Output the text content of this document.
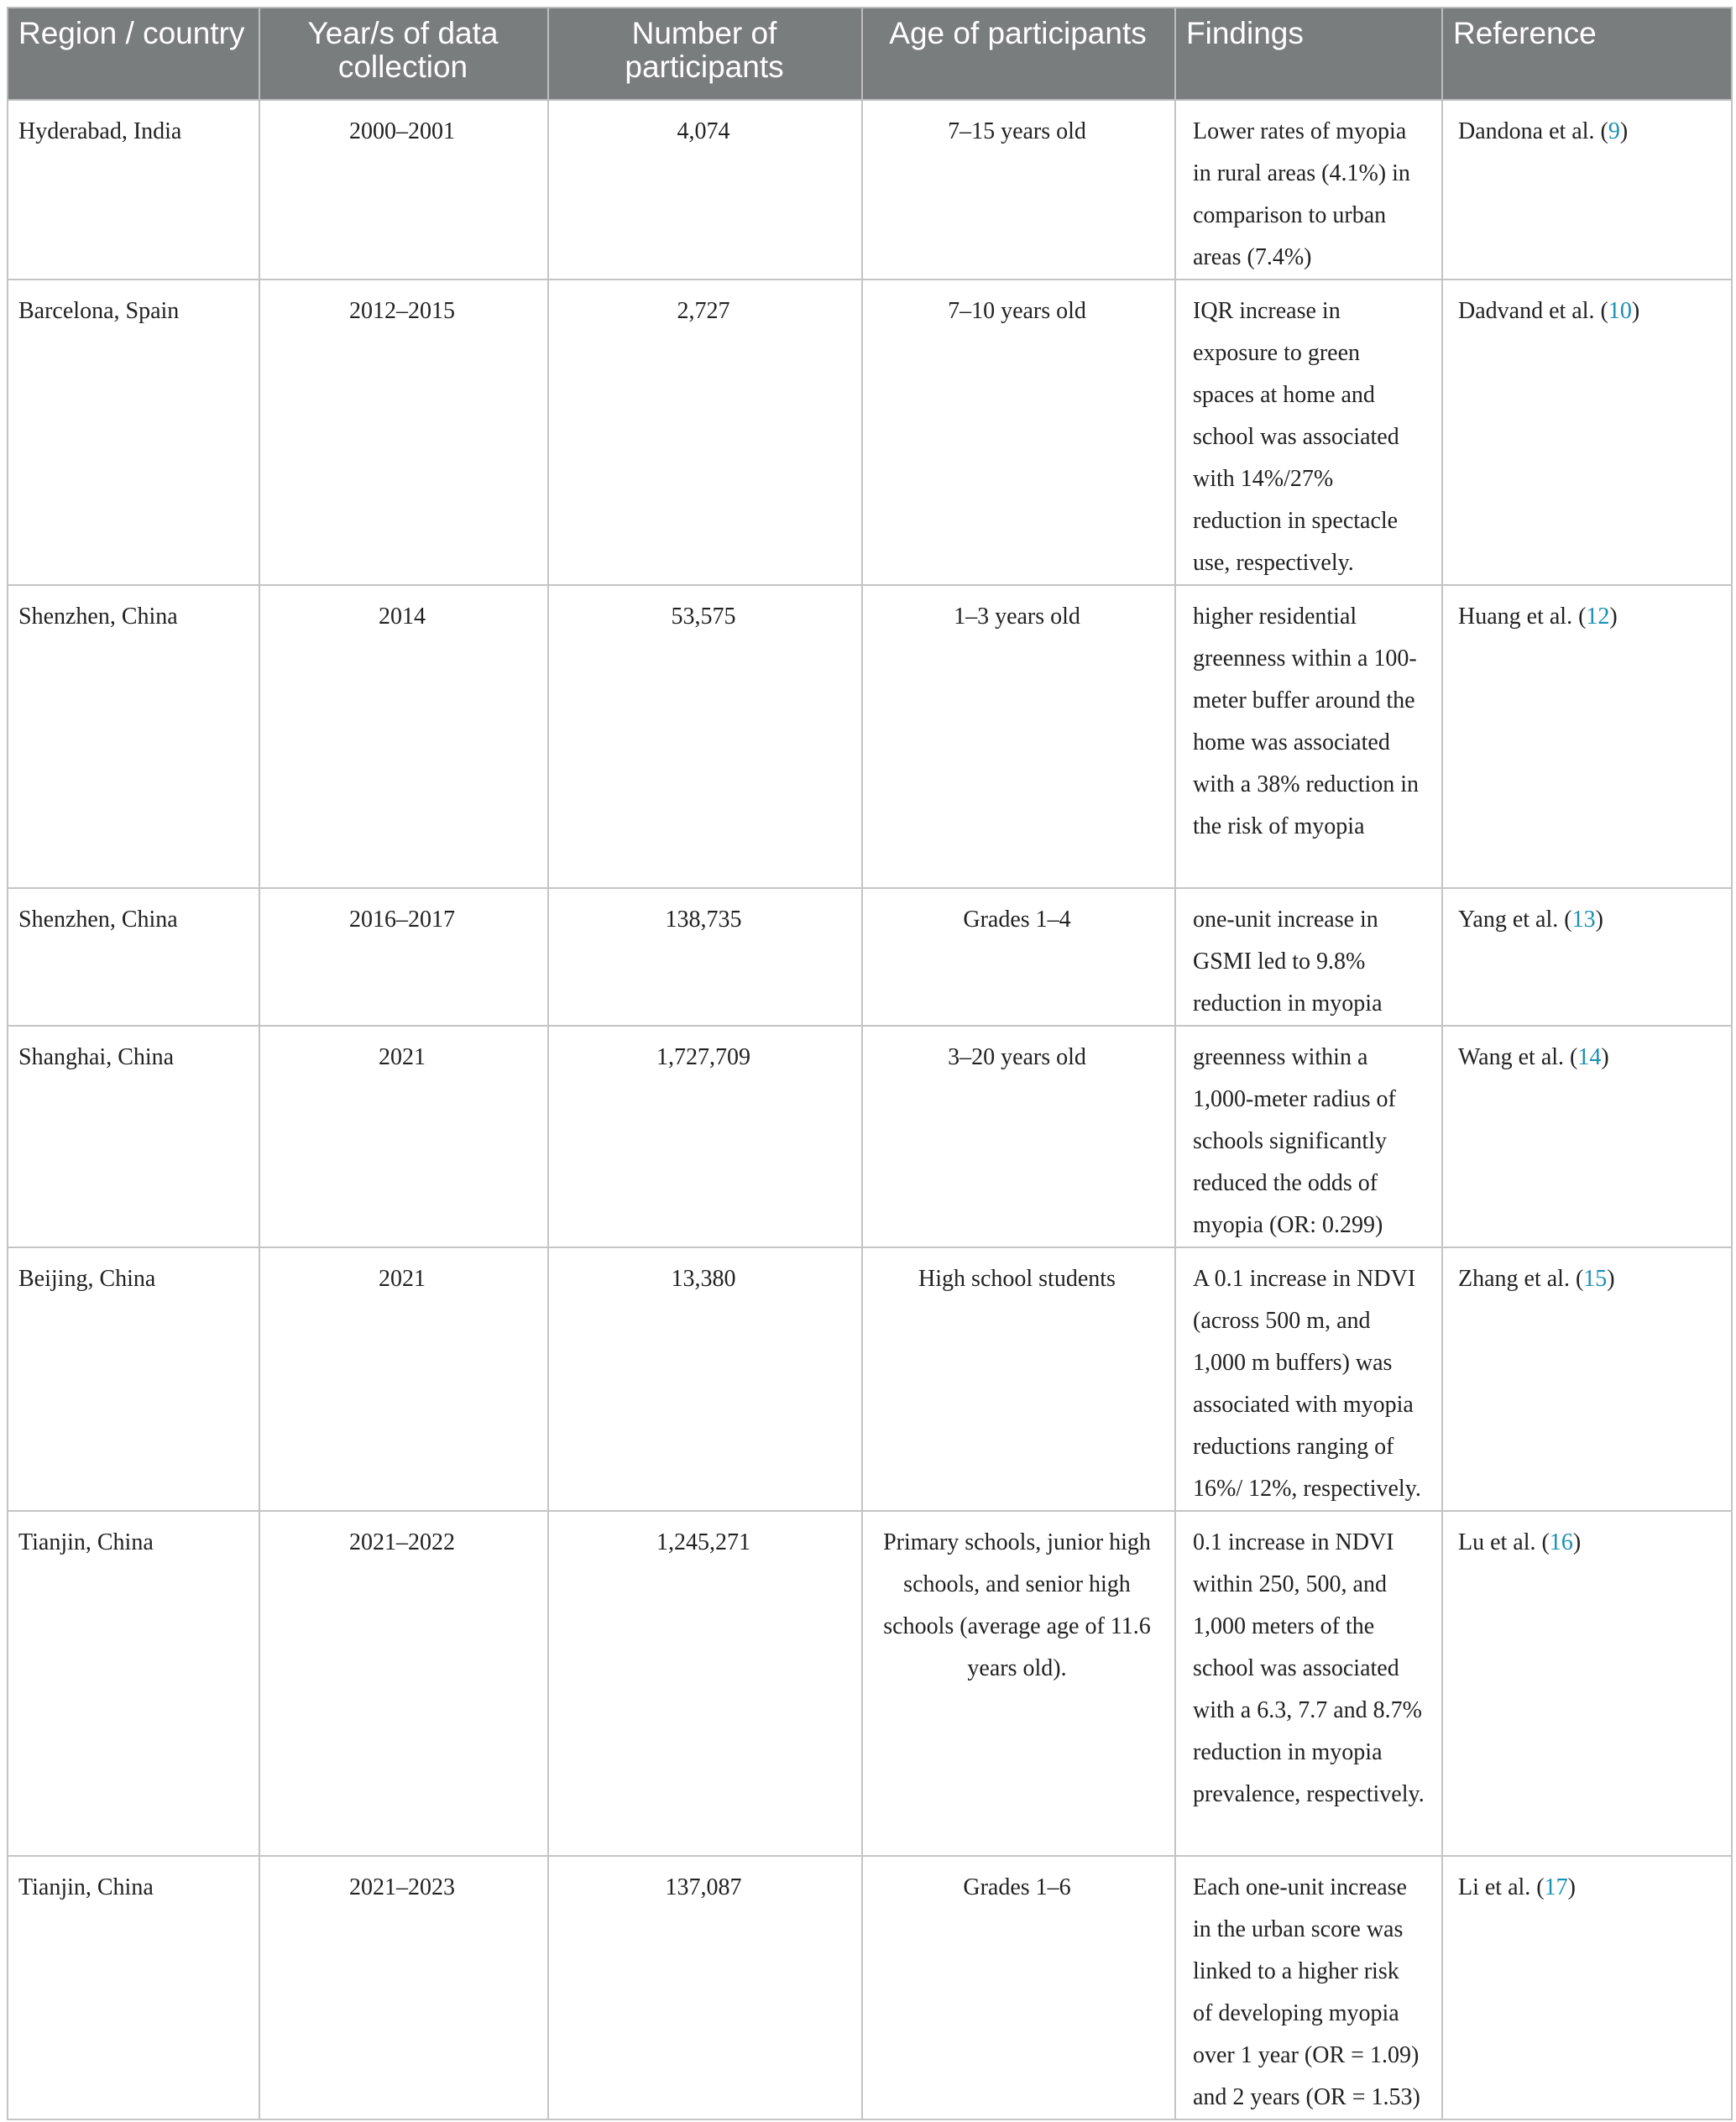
Region / country	Year/s of data collection	Number of participants	Age of participants	Findings	Reference
Hyderabad, India	2000–2001	4,074	7–15 years old	Lower rates of myopia in rural areas (4.1%) in comparison to urban areas (7.4%)	Dandona et al. (9)
Barcelona, Spain	2012–2015	2,727	7–10 years old	IQR increase in exposure to green spaces at home and school was associated with 14%/27% reduction in spectacle use, respectively.	Dadvand et al. (10)
Shenzhen, China	2014	53,575	1–3 years old	higher residential greenness within a 100-meter buffer around the home was associated with a 38% reduction in the risk of myopia	Huang et al. (12)
Shenzhen, China	2016–2017	138,735	Grades 1–4	one-unit increase in GSMI led to 9.8% reduction in myopia	Yang et al. (13)
Shanghai, China	2021	1,727,709	3–20 years old	greenness within a 1,000-meter radius of schools significantly reduced the odds of myopia (OR: 0.299)	Wang et al. (14)
Beijing, China	2021	13,380	High school students	A 0.1 increase in NDVI (across 500 m, and 1,000 m buffers) was associated with myopia reductions ranging of 16%/ 12%, respectively.	Zhang et al. (15)
Tianjin, China	2021–2022	1,245,271	Primary schools, junior high schools, and senior high schools (average age of 11.6 years old).	0.1 increase in NDVI within 250, 500, and 1,000 meters of the school was associated with a 6.3, 7.7 and 8.7% reduction in myopia prevalence, respectively.	Lu et al. (16)
Tianjin, China	2021–2023	137,087	Grades 1–6	Each one-unit increase in the urban score was linked to a higher risk of developing myopia over 1 year (OR = 1.09) and 2 years (OR = 1.53)	Li et al. (17)
